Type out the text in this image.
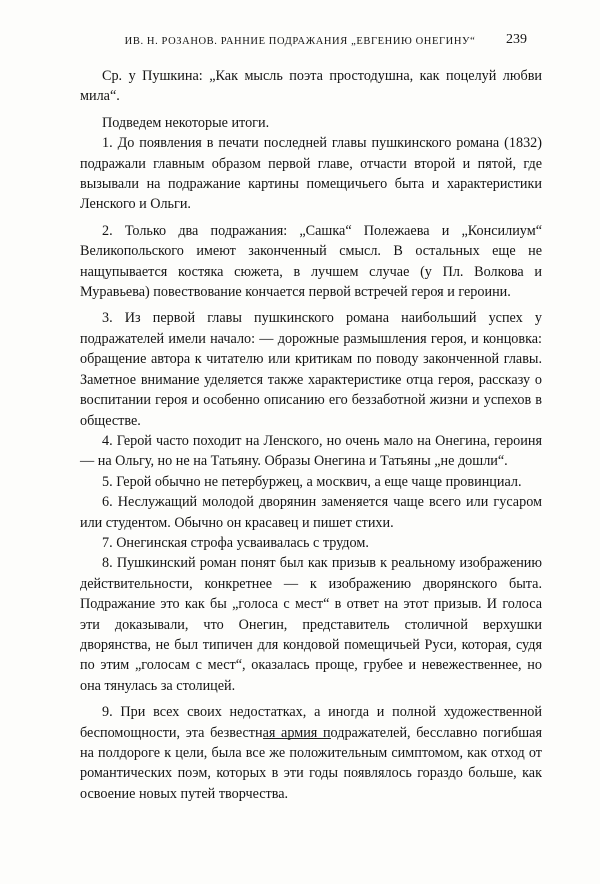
ИВ. Н. РОЗАНОВ. РАННИЕ ПОДРАЖАНИЯ „ЕВГЕНИЮ ОНЕГИНУ“	239

Ср. у Пушкина: „Как мысль поэта простодушна, как поцелуй любви мила“.

Подведем некоторые итоги.

1. До появления в печати последней главы пушкинского романа (1832) подражали главным образом первой главе, отчасти второй и пятой, где вызывали на подражание картины помещичьего быта и характеристики Ленского и Ольги.

2. Только два подражания: „Сашка“ Полежаева и „Консилиум“ Великопольского имеют законченный смысл. В остальных еще не нащупывается костяка сюжета, в лучшем случае (у Пл. Волкова и Муравьева) повествование кончается первой встречей героя и героини.

3. Из первой главы пушкинского романа наибольший успех у подражателей имели начало: — дорожные размышления героя, и концовка: обращение автора к читателю или критикам по поводу законченной главы. Заметное внимание уделяется также характеристике отца героя, рассказу о воспитании героя и особенно описанию его беззаботной жизни и успехов в обществе.

4. Герой часто походит на Ленского, но очень мало на Онегина, героиня — на Ольгу, но не на Татьяну. Образы Онегина и Татьяны „не дошли“.

5. Герой обычно не петербуржец, а москвич, а еще чаще провинциал.

6. Неслужащий молодой дворянин заменяется чаще всего или гусаром или студентом. Обычно он красавец и пишет стихи.

7. Онегинская строфа усваивалась с трудом.

8. Пушкинский роман понят был как призыв к реальному изображению действительности, конкретнее — к изображению дворянского быта. Подражание это как бы „голоса с мест“ в ответ на этот призыв. И голоса эти доказывали, что Онегин, представитель столичной верхушки дворянства, не был типичен для кондовой помещичьей Руси, которая, судя по этим „голосам с мест“, оказалась проще, грубее и невежественнее, но она тянулась за столицей.

9. При всех своих недостатках, а иногда и полной художественной беспомощности, эта безвестная армия подражателей, бесславно погибшая на полдороге к цели, была все же положительным симптомом, как отход от романтических поэм, которых в эти годы появлялось гораздо больше, как освоение новых путей творчества.
